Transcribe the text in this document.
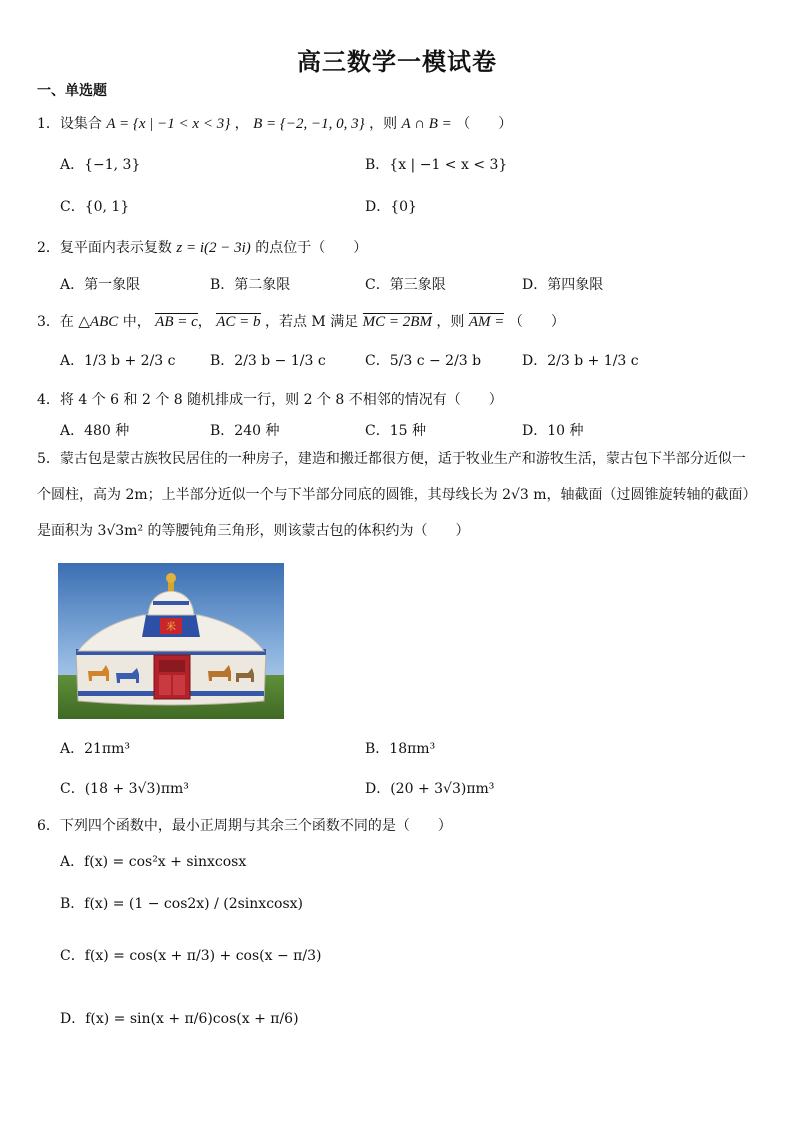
高三数学一模试卷
一、单选题
1．设集合 A = {x | −1 < x < 3} ， B = {−2, −1, 0, 3} ，则 A ∩ B = （　　）
A．{−1, 3}	B．{x | −1 < x < 3}
C．{0, 1}	D．{0}
2．复平面内表示复数 z = i(2 − 3i) 的点位于（　　）
A．第一象限	B．第二象限	C．第三象限	D．第四象限
3．在 △ABC 中， AB = c， AC = b ，若点 M 满足 MC = 2BM ，则 AM = （　　）
A．1/3 b + 2/3 c B．2/3 b − 1/3 c	C．5/3 c − 2/3 b	D．2/3 b + 1/3 c
4．将 4 个 6 和 2 个 8 随机排成一行，则 2 个 8 不相邻的情况有（　　）
A．480 种	B．240 种	C．15 种	D．10 种
5．蒙古包是蒙古族牧民居住的一种房子，建造和搬迁都很方便，适于牧业生产和游牧生活，蒙古包下半部分近似一个圆柱，高为 2m；上半部分近似一个与下半部分同底的圆锥，其母线长为 2√3 m，轴截面（过圆锥旋转轴的截面）是面积为 3√3m² 的等腰钝角三角形，则该蒙古包的体积约为（　　）
米
A．21πm³	B．18πm³
C．(18 + 3√3)πm³	D．(20 + 3√3)πm³
6．下列四个函数中，最小正周期与其余三个函数不同的是（　　）
A．f(x) = cos²x + sinxcosx
B．f(x) = (1 − cos2x) / (2sinxcosx)
C．f(x) = cos(x + π/3) + cos(x − π/3)
D．f(x) = sin(x + π/6)cos(x + π/6)
